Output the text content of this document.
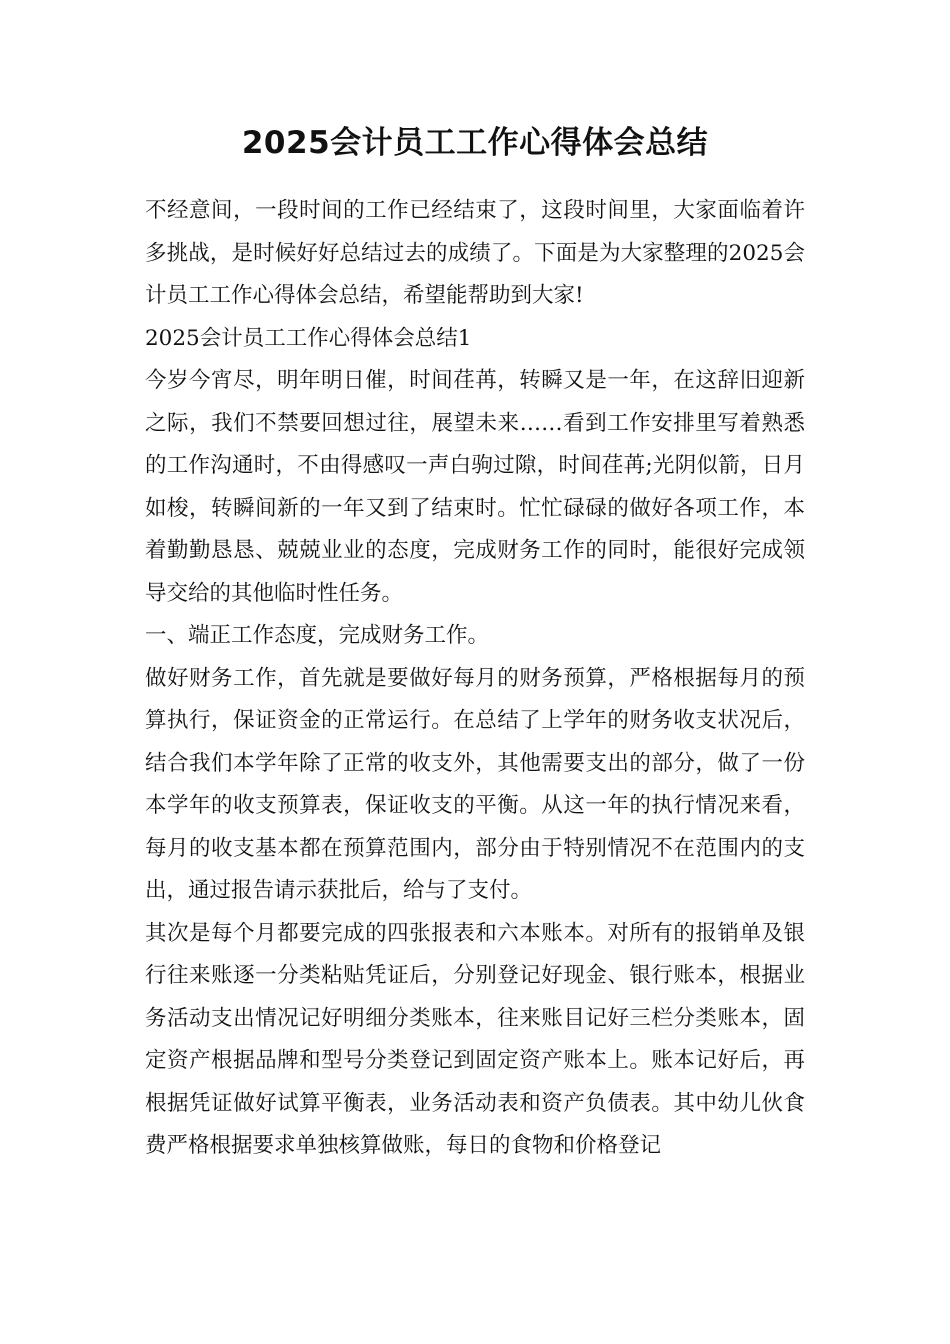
2025会计员工工作心得体会总结

不经意间，一段时间的工作已经结束了，这段时间里，大家面临着许多挑战，是时候好好总结过去的成绩了。下面是为大家整理的2025会计员工工作心得体会总结，希望能帮助到大家!

2025会计员工工作心得体会总结1

今岁今宵尽，明年明日催，时间荏苒，转瞬又是一年，在这辞旧迎新之际，我们不禁要回想过往，展望未来……看到工作安排里写着熟悉的工作沟通时，不由得感叹一声白驹过隙，时间荏苒;光阴似箭，日月如梭，转瞬间新的一年又到了结束时。忙忙碌碌的做好各项工作，本着勤勤恳恳、兢兢业业的态度，完成财务工作的同时，能很好完成领导交给的其他临时性任务。

一、端正工作态度，完成财务工作。

做好财务工作，首先就是要做好每月的财务预算，严格根据每月的预算执行，保证资金的正常运行。在总结了上学年的财务收支状况后，结合我们本学年除了正常的收支外，其他需要支出的部分，做了一份本学年的收支预算表，保证收支的平衡。从这一年的执行情况来看，每月的收支基本都在预算范围内，部分由于特别情况不在范围内的支出，通过报告请示获批后，给与了支付。

其次是每个月都要完成的四张报表和六本账本。对所有的报销单及银行往来账逐一分类粘贴凭证后，分别登记好现金、银行账本，根据业务活动支出情况记好明细分类账本，往来账目记好三栏分类账本，固定资产根据品牌和型号分类登记到固定资产账本上。账本记好后，再根据凭证做好试算平衡表，业务活动表和资产负债表。其中幼儿伙食费严格根据要求单独核算做账，每日的食物和价格登记
